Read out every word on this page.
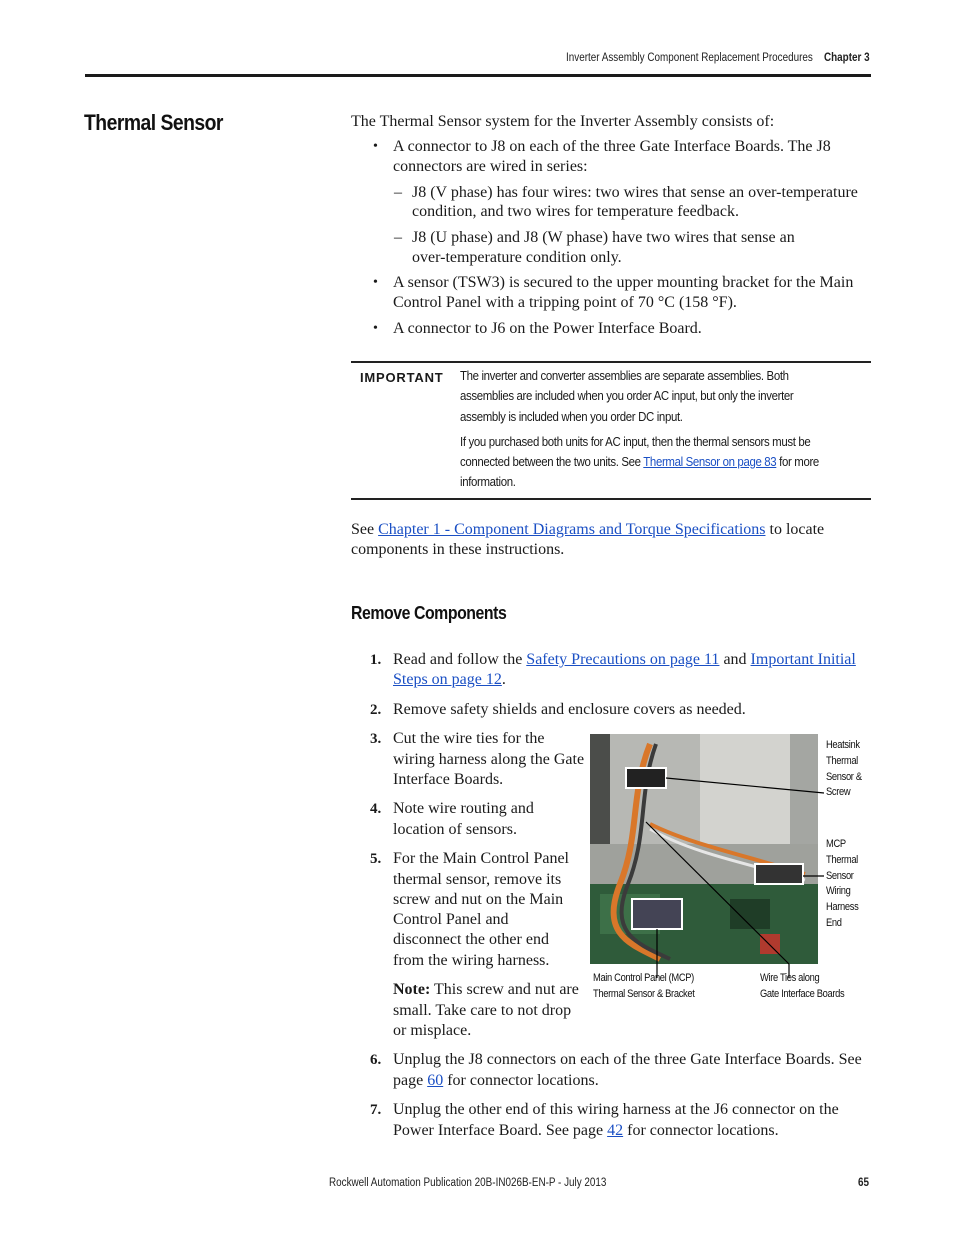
Inverter Assembly Component Replacement Procedures Chapter 3
Thermal Sensor	The Thermal Sensor system for the Inverter Assembly consists of:
• A connector to J8 on each of the three Gate Interface Boards. The J8
connectors are wired in series:
– J8 (V phase) has four wires: two wires that sense an over-temperature
condition, and two wires for temperature feedback.
– J8 (U phase) and J8 (W phase) have two wires that sense an
over-temperature condition only.
• A sensor (TSW3) is secured to the upper mounting bracket for the Main
Control Panel with a tripping point of 70 °C (158 °F).
• A connector to J6 on the Power Interface Board.
IMPORTANT The inverter and converter assemblies are separate assemblies. Both
assemblies are included when you order AC input, but only the inverter
assembly is included when you order DC input.
If you purchased both units for AC input, then the thermal sensors must be
connected between the two units. See Thermal Sensor on page 83 for more
information.
See Chapter 1 - Component Diagrams and Torque Specifications to locate
components in these instructions.
Remove Components
1. Read and follow the Safety Precautions on page 11 and Important Initial
Steps on page 12.
2. Remove safety shields and enclosure covers as needed.
3. Cut the wire ties for the
wiring harness along the Gate
Interface Boards.
4. Note wire routing and
location of sensors.
5. For the Main Control Panel
thermal sensor, remove its
screw and nut on the Main
Control Panel and
disconnect the other end
from the wiring harness.
Note: This screw and nut are
small. Take care to not drop
or misplace.
6. Unplug the J8 connectors on each of the three Gate Interface Boards. See
page 60 for connector locations.
7. Unplug the other end of this wiring harness at the J6 connector on the
Power Interface Board. See page 42 for connector locations.
Heatsink
Thermal
Sensor &
Screw
MCP
Thermal
Sensor
Wiring
Harness
End
Main Control Panel (MCP)
Thermal Sensor & Bracket
Wire Ties along
Gate Interface Boards
Rockwell Automation Publication 20B-IN026B-EN-P - July 2013	65
